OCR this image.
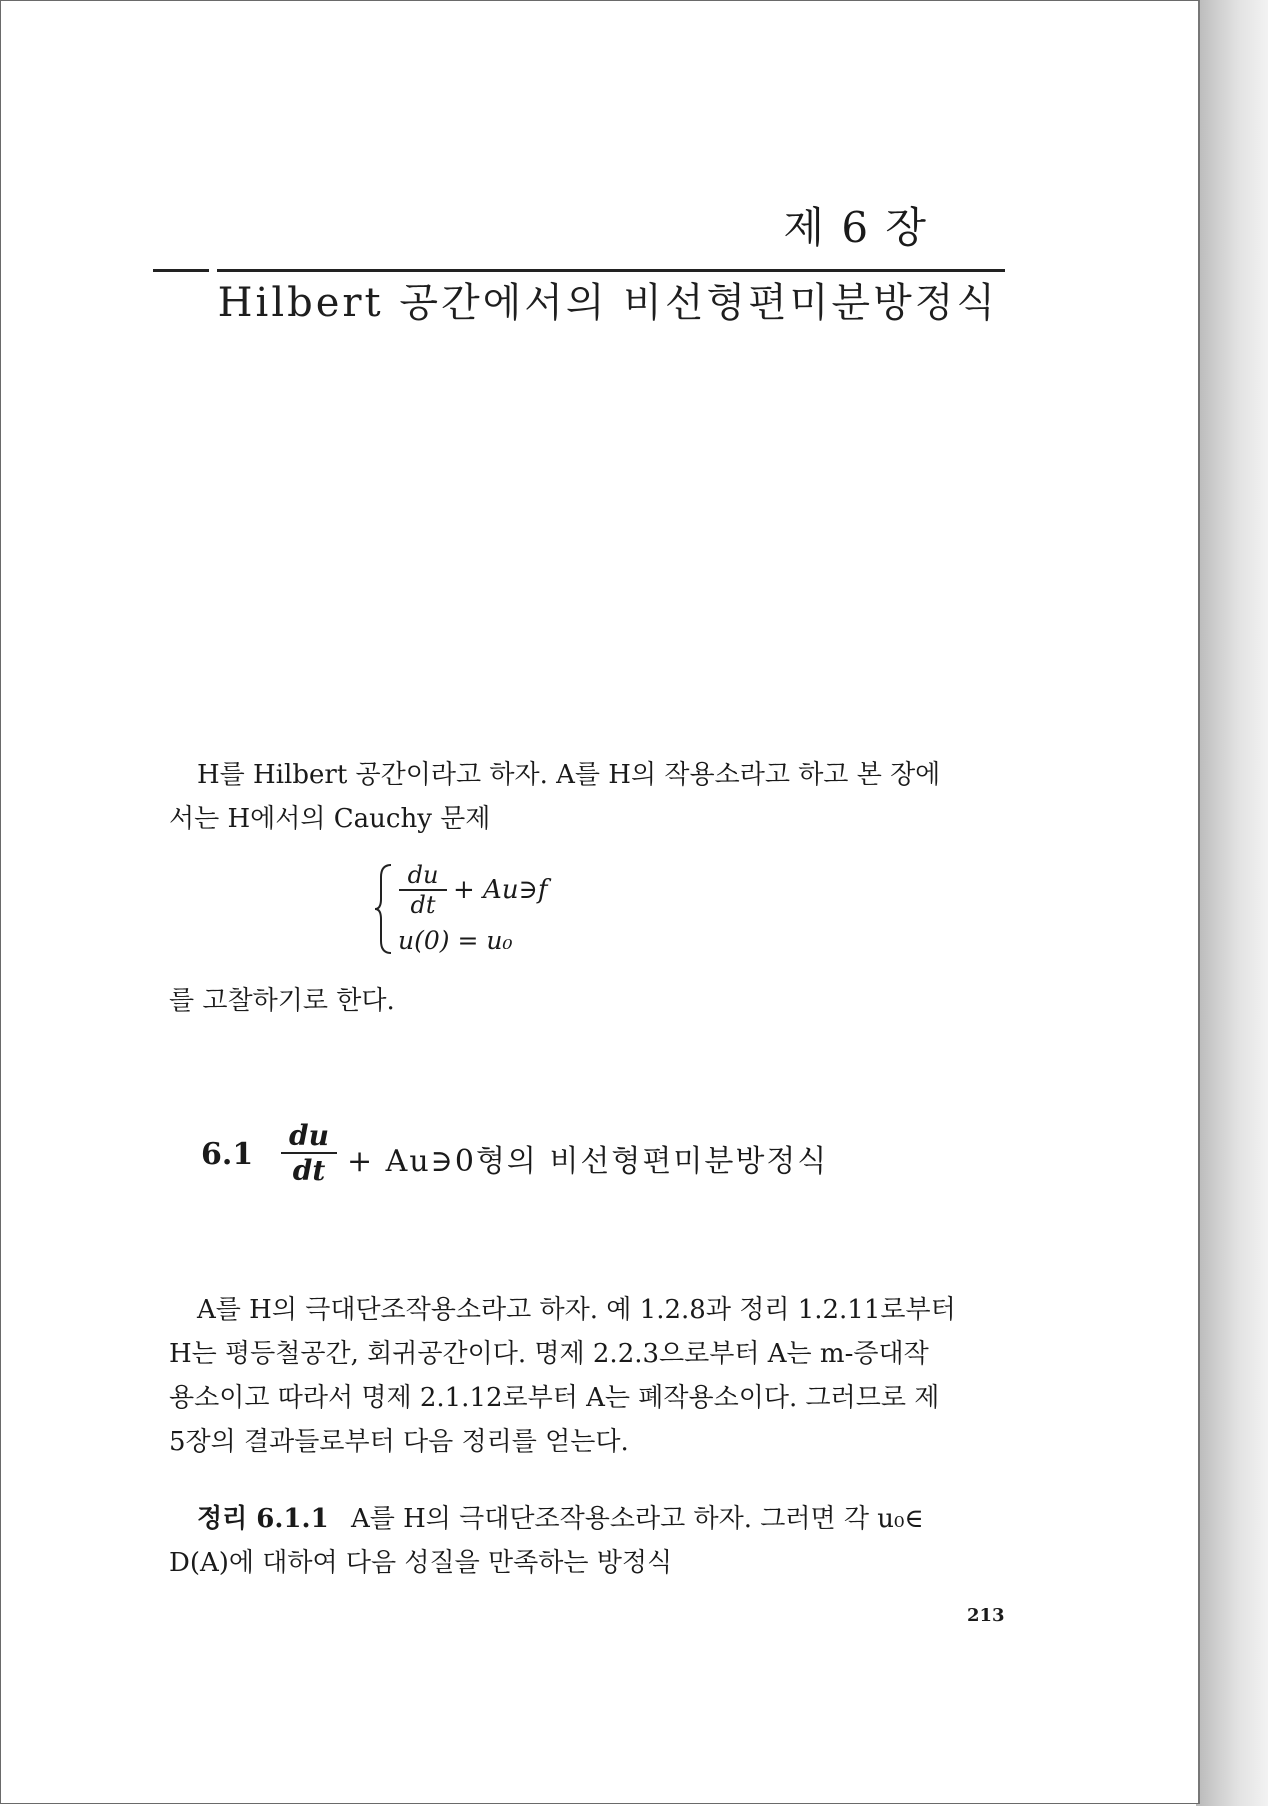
제 6 장
Hilbert 공간에서의 비선형편미분방정식
H를 Hilbert 공간이라고 하자. A를 H의 작용소라고 하고 본 장에
서는 H에서의 Cauchy 문제
du
dt + Au∋f
u(0) = u₀
를 고찰하기로 한다.
6.1
du
dt + Au∋0형의 비선형편미분방정식
A를 H의 극대단조작용소라고 하자. 예 1.2.8과 정리 1.2.11로부터
H는 평등철공간, 회귀공간이다. 명제 2.2.3으로부터 A는 m-증대작
용소이고 따라서 명제 2.1.12로부터 A는 폐작용소이다. 그러므로 제
5장의 결과들로부터 다음 정리를 얻는다.
정리 6.1.1 A를 H의 극대단조작용소라고 하자. 그러면 각 u₀∈
D(A)에 대하여 다음 성질을 만족하는 방정식
213
